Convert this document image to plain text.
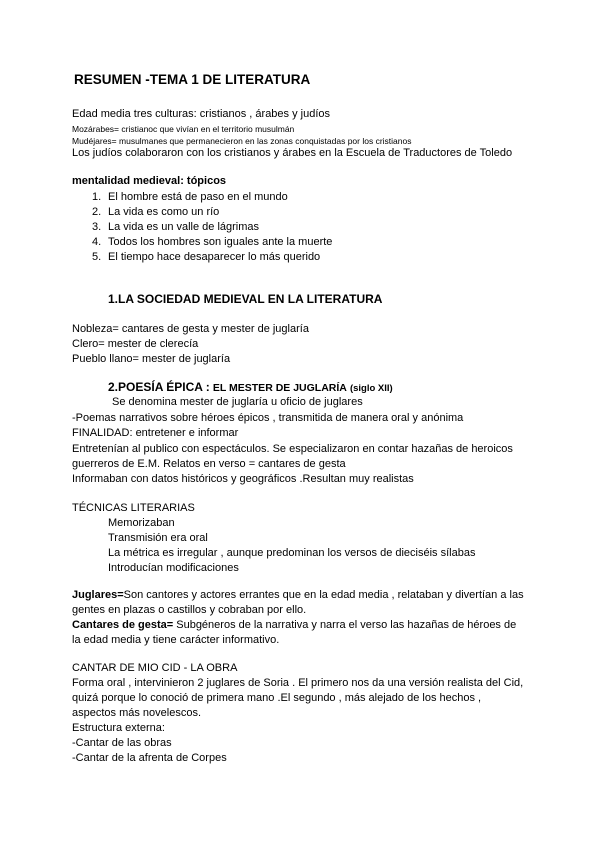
RESUMEN -TEMA 1 DE LITERATURA
Edad media tres culturas: cristianos , árabes y judíos
Mozárabes= cristianoc que vivían en el territorio musulmán
Mudéjares= musulmanes que permanecieron en las zonas conquistadas por los cristianos
Los judíos colaboraron con los cristianos y árabes en la Escuela de Traductores de Toledo
mentalidad medieval: tópicos
1. El hombre está de paso en el mundo
2. La vida es como un río
3. La vida es un valle de lágrimas
4. Todos los hombres son iguales ante la muerte
5. El tiempo hace desaparecer lo más querido
1.LA SOCIEDAD MEDIEVAL EN LA LITERATURA
Nobleza= cantares de gesta y mester de juglaría
Clero= mester de clerecía
Pueblo llano= mester de juglaría
2.POESÍA ÉPICA : EL MESTER DE JUGLARÍA (siglo XII)
Se denomina mester de juglaría u oficio de juglares
-Poemas narrativos sobre héroes épicos , transmitida de manera oral y anónima
FINALIDAD: entretener e informar
Entretenían al publico con espectáculos. Se especializaron en contar hazañas de heroicos
guerreros de E.M. Relatos en verso = cantares de gesta
Informaban con datos históricos y geográficos .Resultan muy realistas
TÉCNICAS LITERARIAS
Memorizaban
Transmisión era oral
La métrica es irregular , aunque predominan los versos de dieciséis sílabas
Introducían modificaciones
Juglares=Son cantores y actores errantes que en la edad media , relataban y divertían a las
gentes en plazas o castillos y cobraban por ello.
Cantares de gesta= Subgéneros de la narrativa y narra el verso las hazañas de héroes de
la edad media y tiene carácter informativo.
CANTAR DE MIO CID - LA OBRA
Forma oral , intervinieron 2 juglares de Soria . El primero nos da una versión realista del Cid,
quizá porque lo conoció de primera mano .El segundo , más alejado de los hechos ,
aspectos más novelescos.
Estructura externa:
-Cantar de las obras
-Cantar de la afrenta de Corpes
